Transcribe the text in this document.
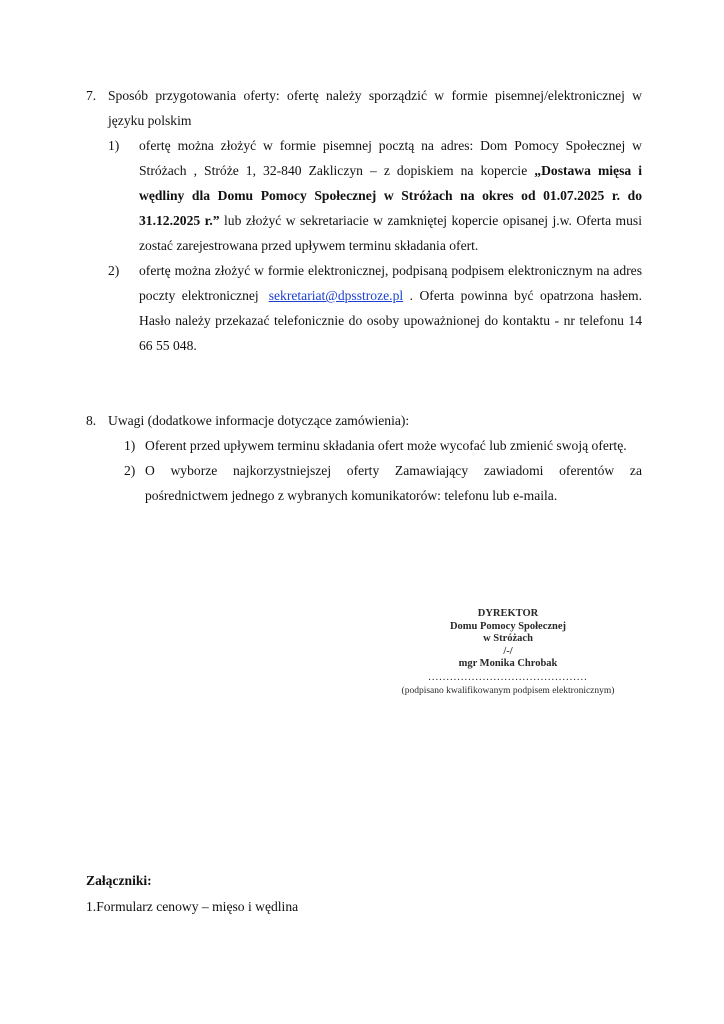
7. Sposób przygotowania oferty: ofertę należy sporządzić w formie pisemnej/elektronicznej w języku polskim

1) ofertę można złożyć w formie pisemnej pocztą na adres: Dom Pomocy Społecznej w Stróżach , Stróże 1, 32-840 Zakliczyn – z dopiskiem na kopercie „Dostawa mięsa i wędliny dla Domu Pomocy Społecznej w Stróżach na okres od 01.07.2025 r. do 31.12.2025 r.” lub złożyć w sekretariacie w zamkniętej kopercie opisanej j.w. Oferta musi zostać zarejestrowana przed upływem terminu składania ofert.
2) ofertę można złożyć w formie elektronicznej, podpisaną podpisem elektronicznym na adres poczty elektronicznej sekretariat@dpsstroze.pl . Oferta powinna być opatrzona hasłem. Hasło należy przekazać telefonicznie do osoby upoważnionej do kontaktu - nr telefonu 14 66 55 048.
8. Uwagi (dodatkowe informacje dotyczące zamówienia):

1) Oferent przed upływem terminu składania ofert może wycofać lub zmienić swoją ofertę.
2) O wyborze najkorzystniejszej oferty Zamawiający zawiadomi oferentów za pośrednictwem jednego z wybranych komunikatorów: telefonu lub e-maila.
DYREKTOR
Domu Pomocy Społecznej
w Stróżach
/-/
mgr Monika Chrobak
............................................
(podpisano kwalifikowanym podpisem elektronicznym)
Załączniki:
1.Formularz cenowy – mięso i wędlina
